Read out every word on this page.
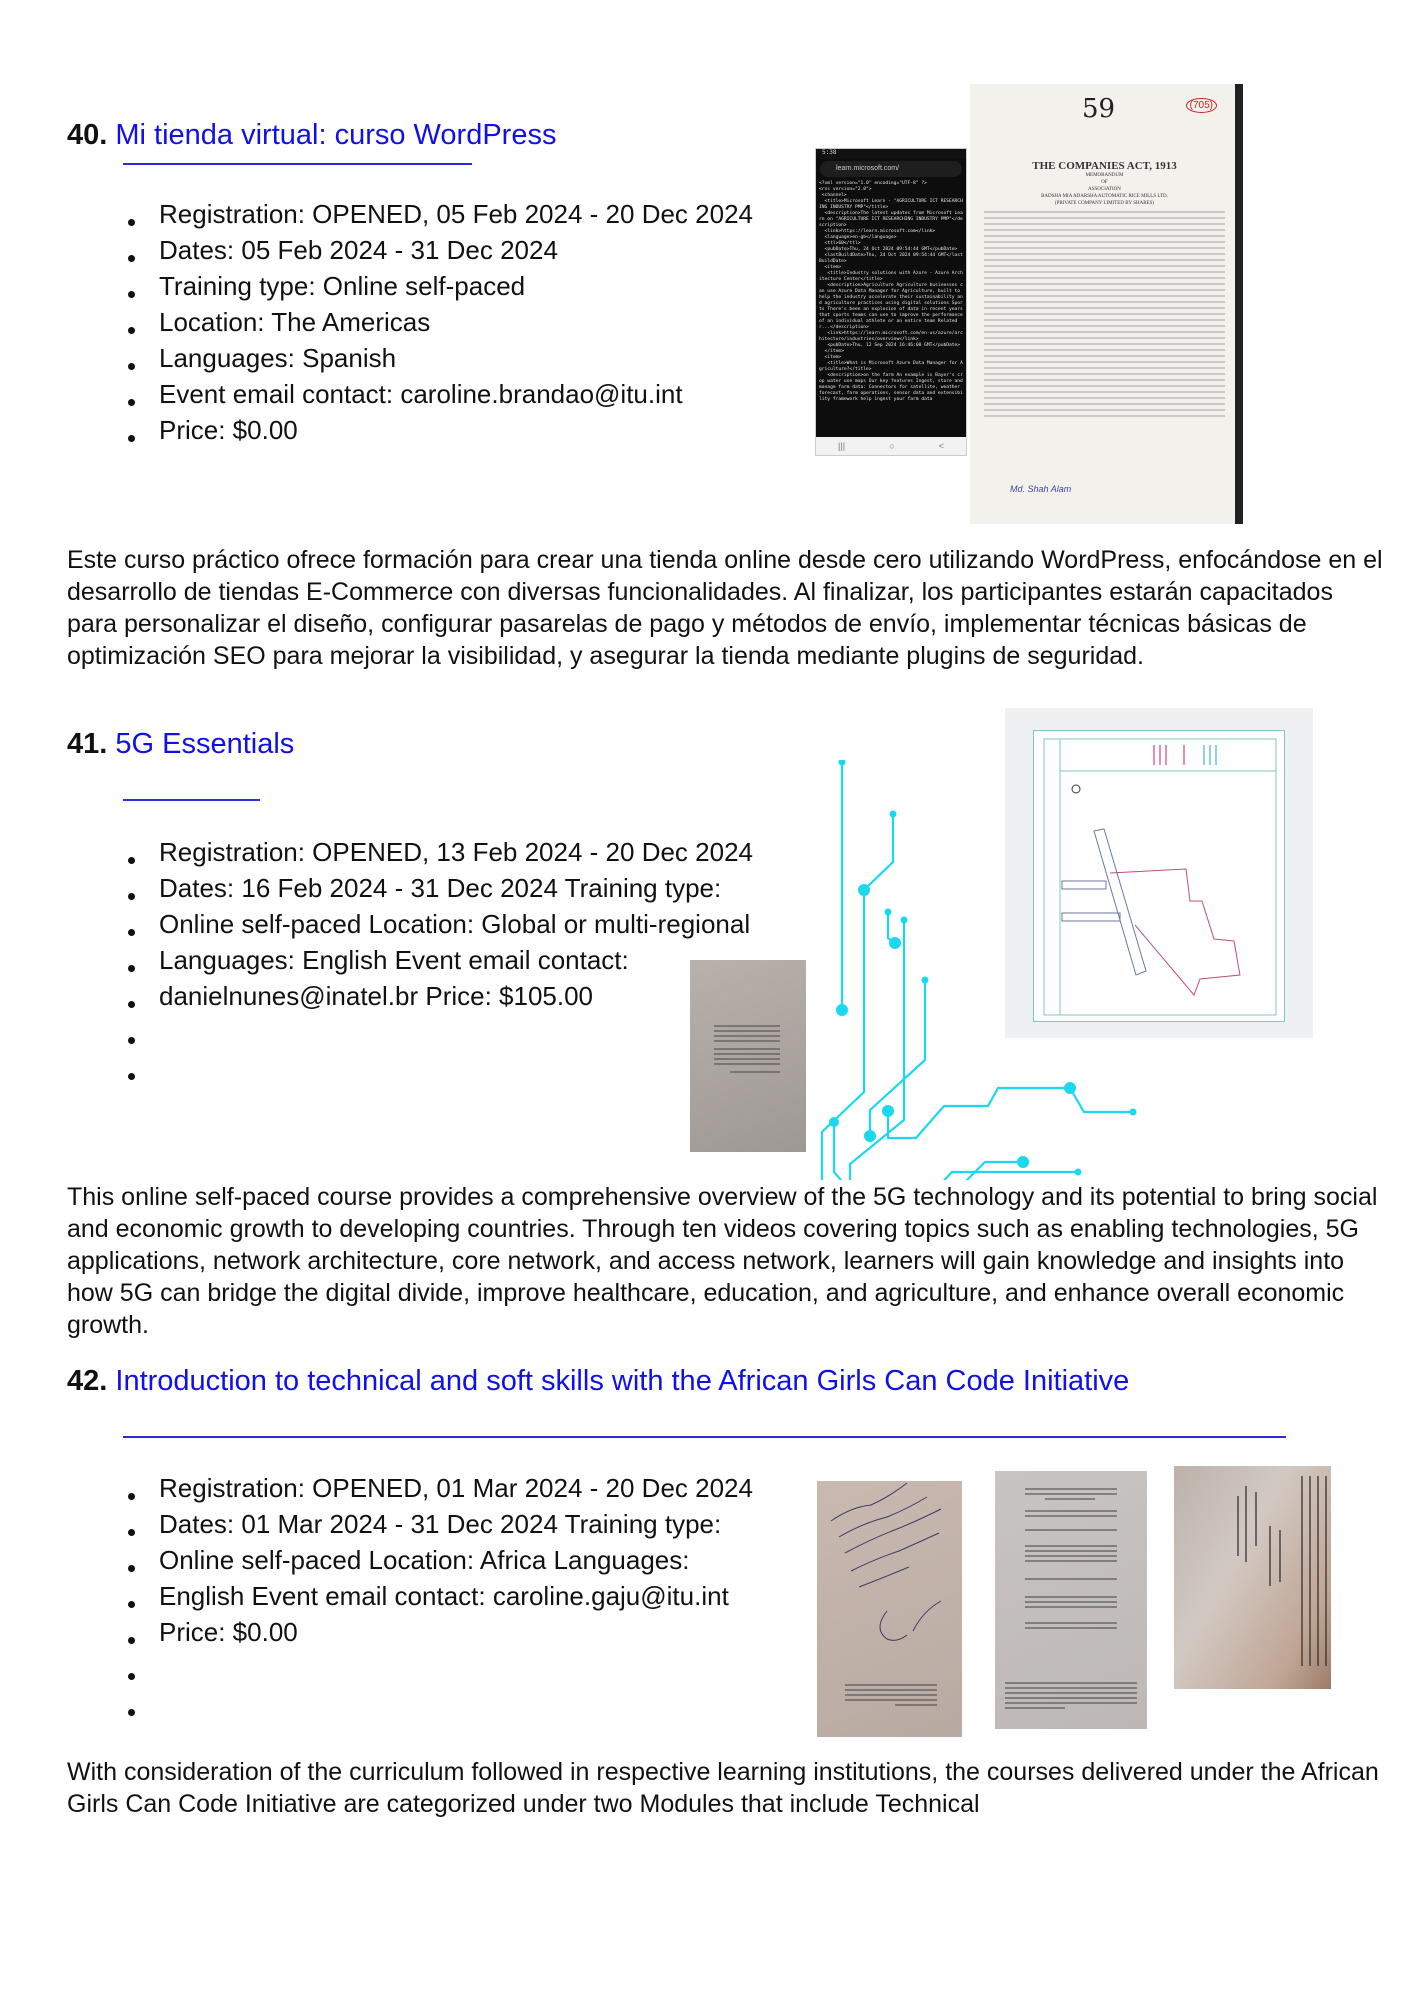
40. Mi tienda virtual: curso WordPress
Registration: OPENED, 05 Feb 2024 - 20 Dec 2024
Dates: 05 Feb 2024 - 31 Dec 2024
Training type: Online self-paced
Location: The Americas
Languages: Spanish
Event email contact: caroline.brandao@itu.int
Price: $0.00
5:38
learn.microsoft.com/
<?xml version="1.0" encoding="UTF-8" ?>
<rss version="2.0">
<channel>
<title>Microsoft Learn - "AGRICULTURE ICT RESEARCHING INDUSTRY PMP"</title>
<description>The latest updates from Microsoft Learn on "AGRICULTURE ICT RESEARCHING INDUSTRY PMP"</description>
<link>https://learn.microsoft.com</link>
<language>en-gb</language>
<ttl>60</ttl>
<pubDate>Thu, 24 Oct 2024 09:54:44 GMT</pubDate>
<lastBuildDate>Thu, 24 Oct 2024 09:54:44 GMT</lastBuildDate>
<item>
<title>Industry solutions with Azure - Azure Architecture Center</title>
<description>Agriculture Agriculture businesses can use Azure Data Manager for Agriculture, built to help the industry accelerate their sustainability and agriculture practices using digital solutions Sports There's been an explosion of data in recent years that sports teams can use to improve the performance of an individual athlete or an entire team Related r...</description>
<link>https://learn.microsoft.com/en-us/azure/architecture/industries/overview</link>
<pubDate>Thu, 12 Sep 2024 16:46:00 GMT</pubDate>
</item>
<item>
<title>What is Microsoft Azure Data Manager for Agriculture?</title>
<description>on the farm An example is Bayer's crop water use maps Our key features Ingest, store and manage farm data: Connectors for satellite, weather forecast, farm operations, sensor data and extensibility framework help ingest your farm data
|||	○	<
59	(705)
THE COMPANIES ACT, 1913
MEMORANDUM
OF
ASSOCIATION
BADSHA MIA ADARSHA AUTOMATIC RICE MILLS LTD.
(PRIVATE COMPANY LIMITED BY SHARES)
Md. Shah Alam

Este curso práctico ofrece formación para crear una tienda online desde cero utilizando WordPress, enfocándose en el desarrollo de tiendas E-Commerce con diversas funcionalidades. Al finalizar, los participantes estarán capacitados para personalizar el diseño, configurar pasarelas de pago y métodos de envío, implementar técnicas básicas de optimización SEO para mejorar la visibilidad, y asegurar la tienda mediante plugins de seguridad.

41. 5G Essentials
Registration: OPENED, 13 Feb 2024 - 20 Dec 2024
Dates: 16 Feb 2024 - 31 Dec 2024 Training type:
Online self-paced Location: Global or multi-regional
Languages: English Event email contact:
danielnunes@inatel.br Price: $105.00

This online self-paced course provides a comprehensive overview of the 5G technology and its potential to bring social and economic growth to developing countries. Through ten videos covering topics such as enabling technologies, 5G applications, network architecture, core network, and access network, learners will gain knowledge and insights into how 5G can bridge the digital divide, improve healthcare, education, and agriculture, and enhance overall economic growth.

42. Introduction to technical and soft skills with the African Girls Can Code Initiative
Registration: OPENED, 01 Mar 2024 - 20 Dec 2024
Dates: 01 Mar 2024 - 31 Dec 2024 Training type:
Online self-paced Location: Africa Languages:
English Event email contact: caroline.gaju@itu.int
Price: $0.00

With consideration of the curriculum followed in respective learning institutions, the courses delivered under the African Girls Can Code Initiative are categorized under two Modules that include Technical
